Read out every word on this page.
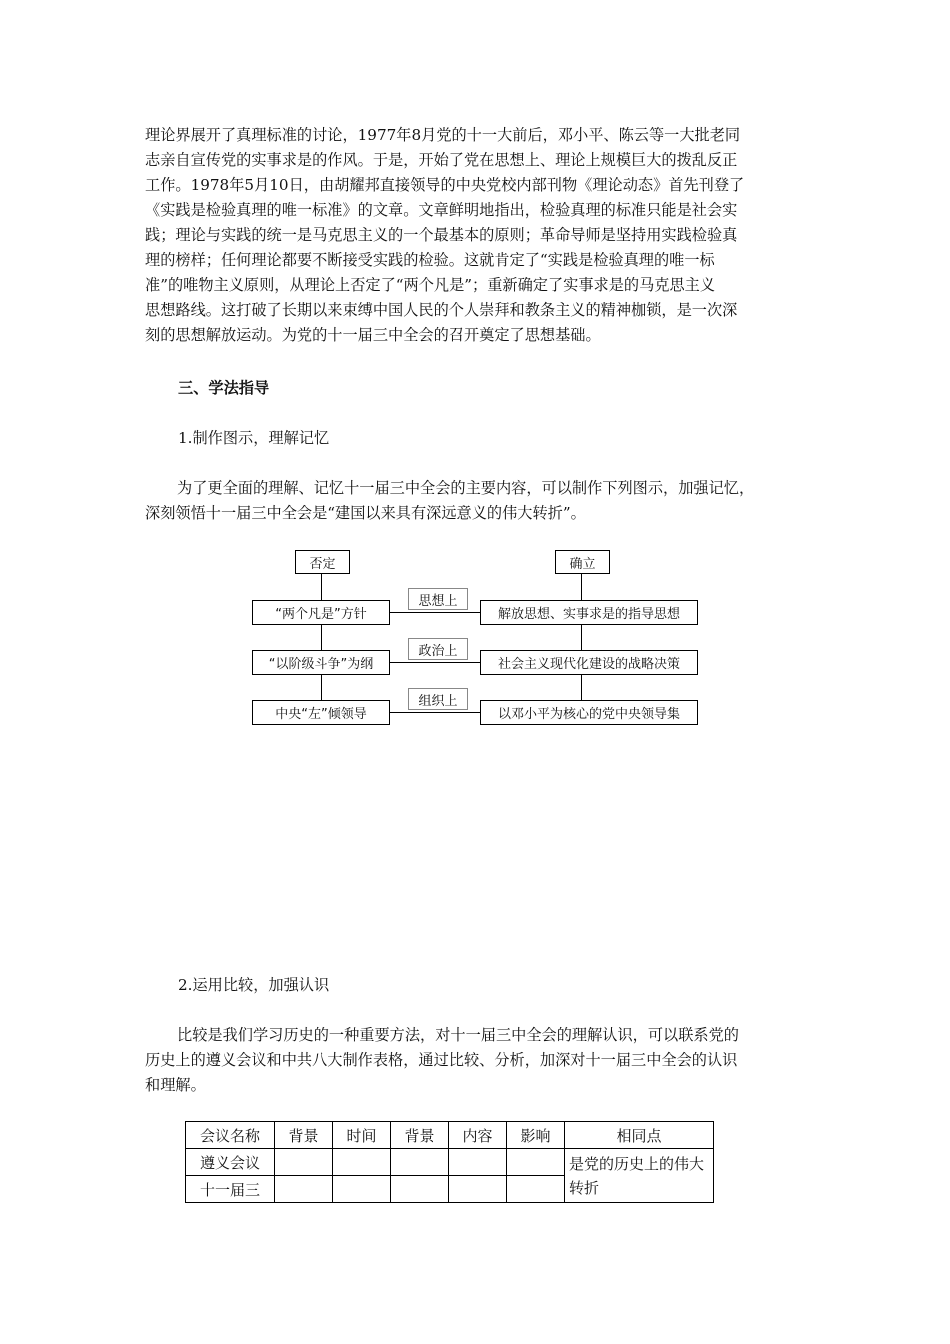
理论界展开了真理标准的讨论，1977年8月党的十一大前后，邓小平、陈云等一大批老同

志亲自宣传党的实事求是的作风。于是，开始了党在思想上、理论上规模巨大的拨乱反正

工作。1978年5月10日，由胡耀邦直接领导的中央党校内部刊物《理论动态》首先刊登了

《实践是检验真理的唯一标准》的文章。文章鲜明地指出，检验真理的标准只能是社会实

践；理论与实践的统一是马克思主义的一个最基本的原则；革命导师是坚持用实践检验真

理的榜样；任何理论都要不断接受实践的检验。这就肯定了“实践是检验真理的唯一标

准”的唯物主义原则，从理论上否定了“两个凡是”；重新确定了实事求是的马克思主义

思想路线。这打破了长期以来束缚中国人民的个人崇拜和教条主义的精神枷锁，是一次深

刻的思想解放运动。为党的十一届三中全会的召开奠定了思想基础。

三、学法指导
1.制作图示，理解记忆

为了更全面的理解、记忆十一届三中全会的主要内容，可以制作下列图示，加强记忆，

深刻领悟十一届三中全会是“建国以来具有深远意义的伟大转折”。

否定	确立
“两个凡是”方针
思想上
解放思想、实事求是的指导思想
“以阶级斗争”为纲
政治上
社会主义现代化建设的战略决策
中央“左”倾领导
组织上
以邓小平为核心的党中央领导集
2.运用比较，加强认识

比较是我们学习历史的一种重要方法，对十一届三中全会的理解认识，可以联系党的

历史上的遵义会议和中共八大制作表格，通过比较、分析，加深对十一届三中全会的认识

和理解。

会议名称	背景	时间	背景	内容	影响	相同点
遵义会议						是党的历史上的伟大转折
十一届三						
